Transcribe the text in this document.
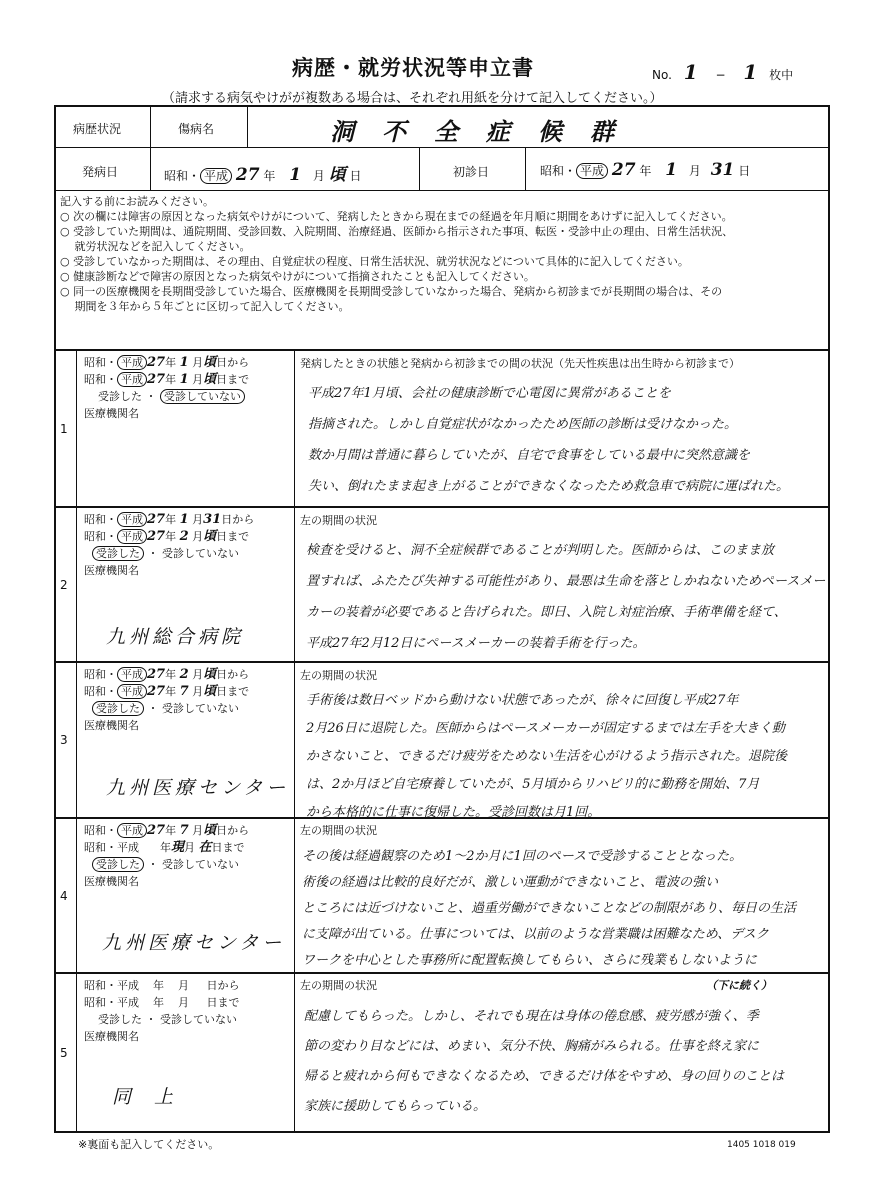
病歴・就労状況等申立書	No. 1 − 1 枚中
（請求する病気やけがが複数ある場合は、それぞれ用紙を分けて記入してください。）
病歴状況	傷病名	洞不全症候群
発病日	昭和・ 平成 27 年 1 月 頃 日	初診日	昭和・ 平成 27 年 1 月 31 日

記入する前にお読みください。

○ 次の欄には障害の原因となった病気やけがについて、発病したときから現在までの経過を年月順に期間をあけずに記入してください。

○ 受診していた期間は、通院期間、受診回数、入院期間、治療経過、医師から指示された事項、転医・受診中止の理由、日常生活状況、

　 就労状況などを記入してください。

○ 受診していなかった期間は、その理由、自覚症状の程度、日常生活状況、就労状況などについて具体的に記入してください。

○ 健康診断などで障害の原因となった病気やけがについて指摘されたことも記入してください。

○ 同一の医療機関を長期間受診していた場合、医療機関を長期間受診していなかった場合、発病から初診までが長期間の場合は、その

　 期間を３年から５年ごとに区切って記入してください。

1
昭和・ 平成 27年 1 月頃日から
昭和・ 平成 27年 1 月頃日まで
受診した ・ 受診していない
医療機関名
発病したときの状態と発病から初診までの間の状況（先天性疾患は出生時から初診まで）
平成27年1月頃、会社の健康診断で心電図に異常があることを
指摘された。しかし自覚症状がなかったため医師の診断は受けなかった。
数か月間は普通に暮らしていたが、自宅で食事をしている最中に突然意識を
失い、倒れたまま起き上がることができなくなったため救急車で病院に運ばれた。
2
昭和・ 平成 27年 1 月31日から
昭和・ 平成 27年 2 月頃日まで
受診した ・ 受診していない
医療機関名
九州総合病院
左の期間の状況
検査を受けると、洞不全症候群であることが判明した。医師からは、このまま放
置すれば、ふたたび失神する可能性があり、最悪は生命を落としかねないためペースメー
カーの装着が必要であると告げられた。即日、入院し対症治療、手術準備を経て、
平成27年2月12日にペースメーカーの装着手術を行った。
3
昭和・ 平成 27年 2 月頃日から
昭和・ 平成 27年 7 月頃日まで
受診した ・ 受診していない
医療機関名
九州医療センター
左の期間の状況
手術後は数日ベッドから動けない状態であったが、徐々に回復し平成27年
2月26日に退院した。医師からはペースメーカーが固定するまでは左手を大きく動
かさないこと、できるだけ疲労をためない生活を心がけるよう指示された。退院後
は、2か月ほど自宅療養していたが、5月頃からリハビリ的に勤務を開始、7月
から本格的に仕事に復帰した。受診回数は月1回。
4
昭和・ 平成 27年 7 月頃日から
昭和・平成 年現月 在日まで
受診した ・ 受診していない
医療機関名
九州医療センター
左の期間の状況
その後は経過観察のため1〜2か月に1回のペースで受診することとなった。
術後の経過は比較的良好だが、激しい運動ができないこと、電波の強い
ところには近づけないこと、過重労働ができないことなどの制限があり、毎日の生活
に支障が出ている。仕事については、以前のような営業職は困難なため、デスク
ワークを中心とした事務所に配置転換してもらい、さらに残業もしないように
5
昭和・平成 年 月 日から
昭和・平成 年 月 日まで
受診した ・ 受診していない
医療機関名
同　上
左の期間の状況	（下に続く）
配慮してもらった。しかし、それでも現在は身体の倦怠感、疲労感が強く、季
節の変わり目などには、めまい、気分不快、胸痛がみられる。仕事を終え家に
帰ると疲れから何もできなくなるため、できるだけ体をやすめ、身の回りのことは
家族に援助してもらっている。
※裏面も記入してください。	1405 1018 019
